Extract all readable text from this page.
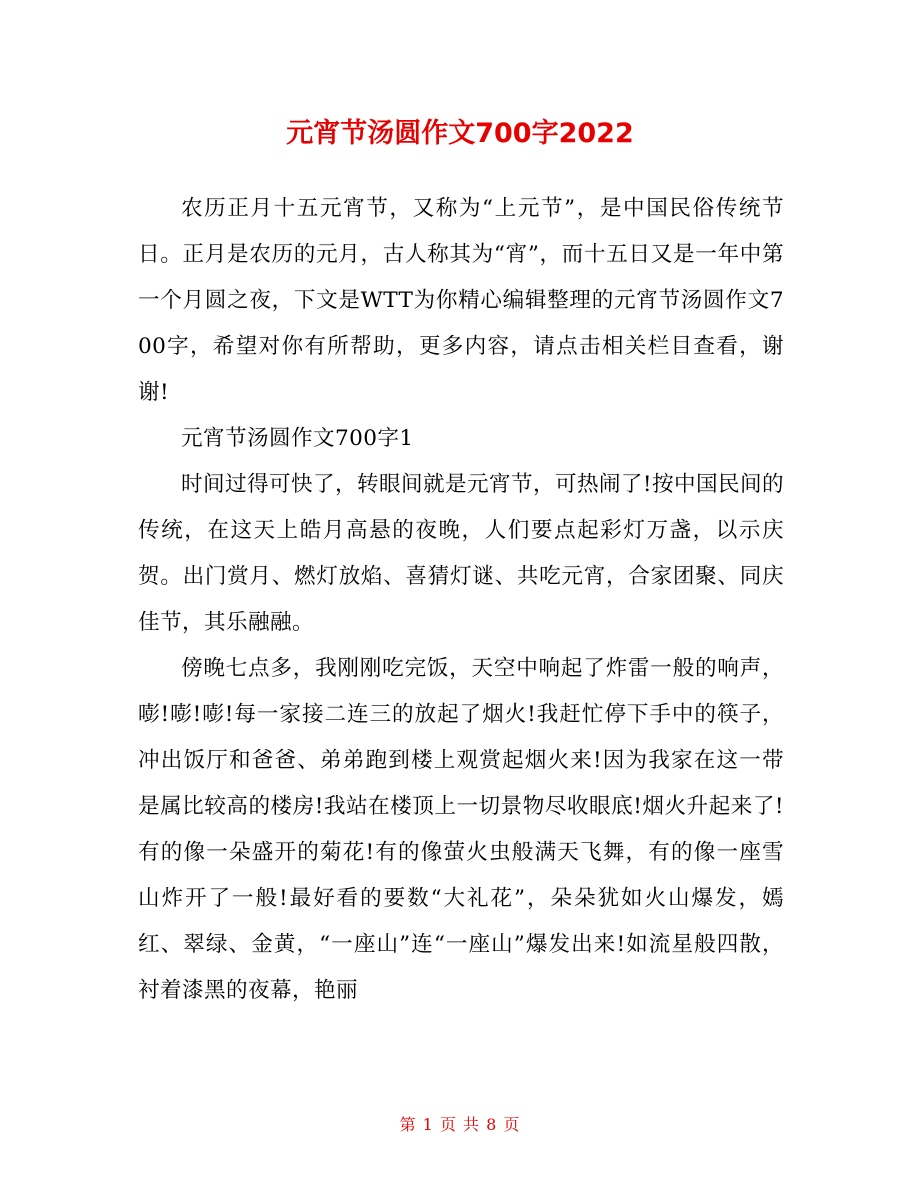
元宵节汤圆作文700字2022

农历正月十五元宵节，又称为“上元节”，是中国民俗传统节日。正月是农历的元月，古人称其为“宵”，而十五日又是一年中第一个月圆之夜，下文是WTT为你精心编辑整理的元宵节汤圆作文700字，希望对你有所帮助，更多内容，请点击相关栏目查看，谢谢!

元宵节汤圆作文700字1

时间过得可快了，转眼间就是元宵节，可热闹了!按中国民间的传统，在这天上皓月高悬的夜晚，人们要点起彩灯万盏，以示庆贺。出门赏月、燃灯放焰、喜猜灯谜、共吃元宵，合家团聚、同庆佳节，其乐融融。

傍晚七点多，我刚刚吃完饭，天空中响起了炸雷一般的响声，嘭!嘭!嘭!每一家接二连三的放起了烟火!我赶忙停下手中的筷子，冲出饭厅和爸爸、弟弟跑到楼上观赏起烟火来!因为我家在这一带是属比较高的楼房!我站在楼顶上一切景物尽收眼底!烟火升起来了!有的像一朵盛开的菊花!有的像萤火虫般满天飞舞，有的像一座雪山炸开了一般!最好看的要数“大礼花”，朵朵犹如火山爆发，嫣红、翠绿、金黄，“一座山”连“一座山”爆发出来!如流星般四散，衬着漆黑的夜幕，艳丽

第 1 页 共 8 页
